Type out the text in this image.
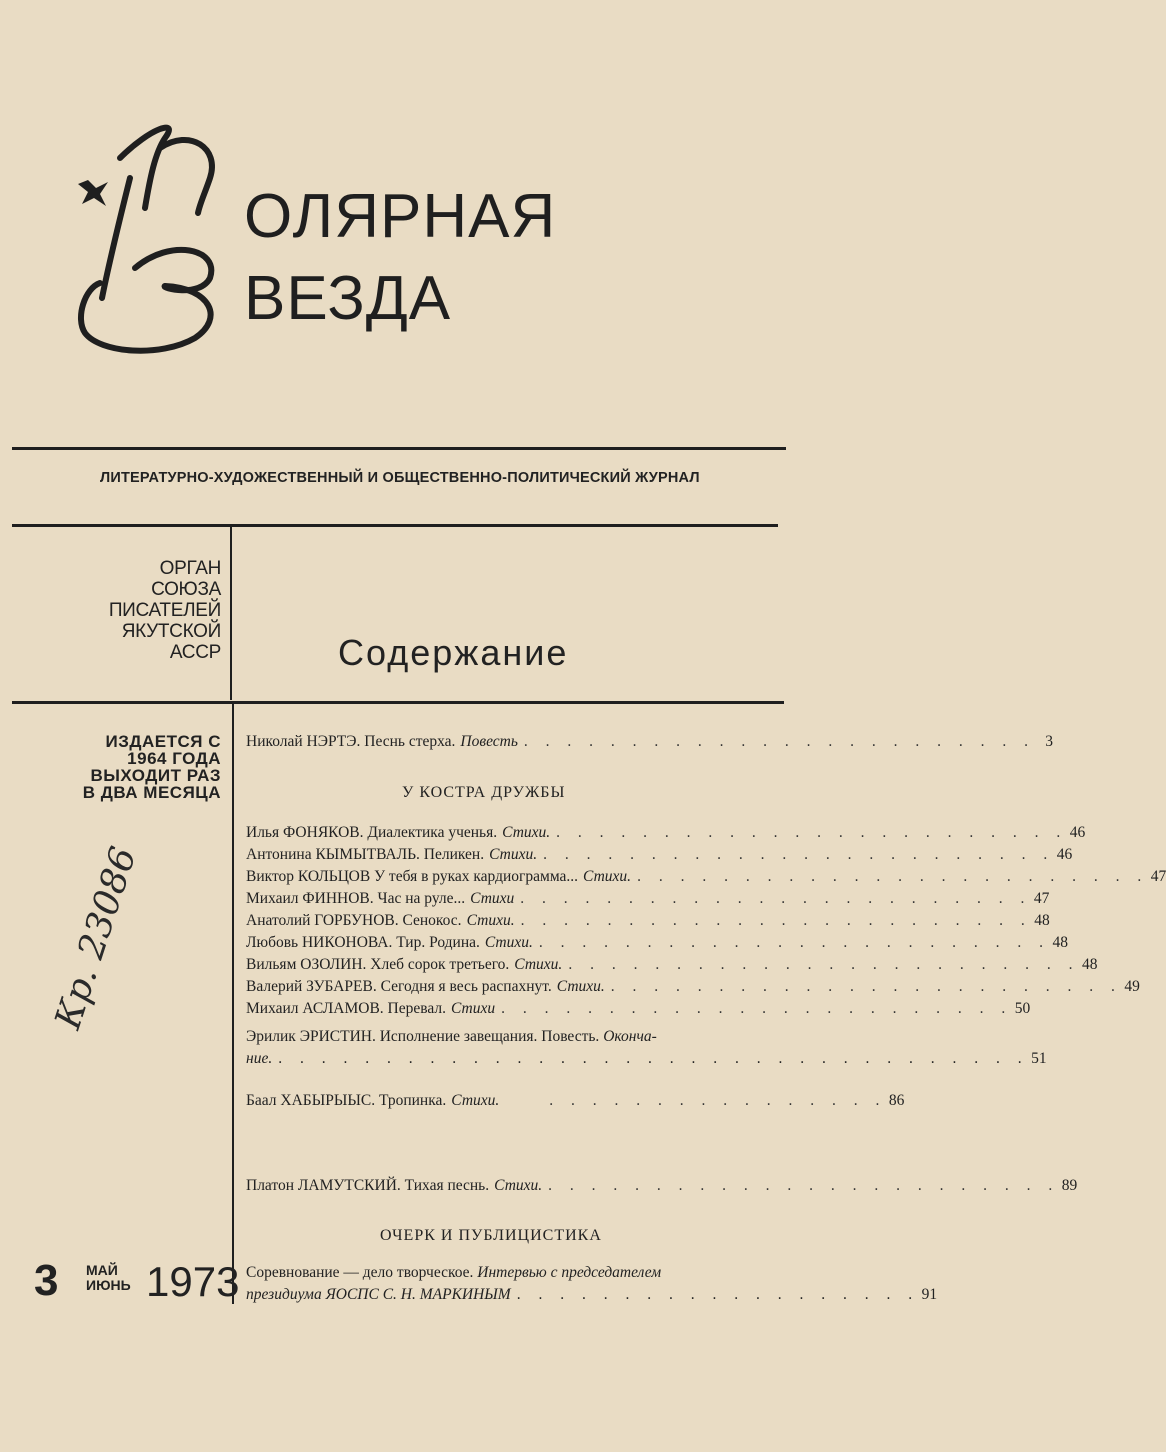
ОЛЯРНАЯ
ВЕЗДА
ЛИТЕРАТУРНО-ХУДОЖЕСТВЕННЫЙ И ОБЩЕСТВЕННО-ПОЛИТИЧЕСКИЙ ЖУРНАЛ
ОРГАН
СОЮЗА
ПИСАТЕЛЕЙ
ЯКУТСКОЙ
АССР	Содержание
ИЗДАЕТСЯ С
1964 ГОДА
ВЫХОДИТ РАЗ
В ДВА МЕСЯЦА
Кр. 23086
Николай НЭРТЭ. Песнь стерха. Повесть . . . . . . . . . . . . . . . . . . . . . . . . 3
У КОСТРА ДРУЖБЫ
Илья ФОНЯКОВ. Диалектика ученья. Стихи. . . . . . . . . . . . . . . . . . . . . . . . . 46
Антонина КЫМЫТВАЛЬ. Пеликен. Стихи. . . . . . . . . . . . . . . . . . . . . . . . . 46
Виктор КОЛЬЦОВ У тебя в руках кардиограмма... Стихи. . . . . . . . . . . . . . . . . . . . . . . . . 47
Михаил ФИННОВ. Час на руле... Стихи . . . . . . . . . . . . . . . . . . . . . . . . 47
Анатолий ГОРБУНОВ. Сенокос. Стихи. . . . . . . . . . . . . . . . . . . . . . . . . 48
Любовь НИКОНОВА. Тир. Родина. Стихи. . . . . . . . . . . . . . . . . . . . . . . . . 48
Вильям ОЗОЛИН. Хлеб сорок третьего. Стихи. . . . . . . . . . . . . . . . . . . . . . . . . 48
Валерий ЗУБАРЕВ. Сегодня я весь распахнут. Стихи. . . . . . . . . . . . . . . . . . . . . . . . . 49
Михаил АСЛАМОВ. Перевал. Стихи . . . . . . . . . . . . . . . . . . . . . . . . 50
Эрилик ЭРИСТИН. Исполнение завещания. Повесть. Оконча-
ние. . . . . . . . . . . . . . . . . . . . . . . . . . . . . . . . . . . . 51
Баал ХАБЫРЫЫС. Тропинка. Стихи.	. . . . . . . . . . . . . . . . 86
Платон ЛАМУТСКИЙ. Тихая песнь. Стихи. . . . . . . . . . . . . . . . . . . . . . . . . 89
ОЧЕРК И ПУБЛИЦИСТИКА
Соревнование — дело творческое. Интервью с председателем
президиума ЯОСПС С. Н. МАРКИНЫМ . . . . . . . . . . . . . . . . . . . 91
3 МАЙ
ИЮНЬ 1973
